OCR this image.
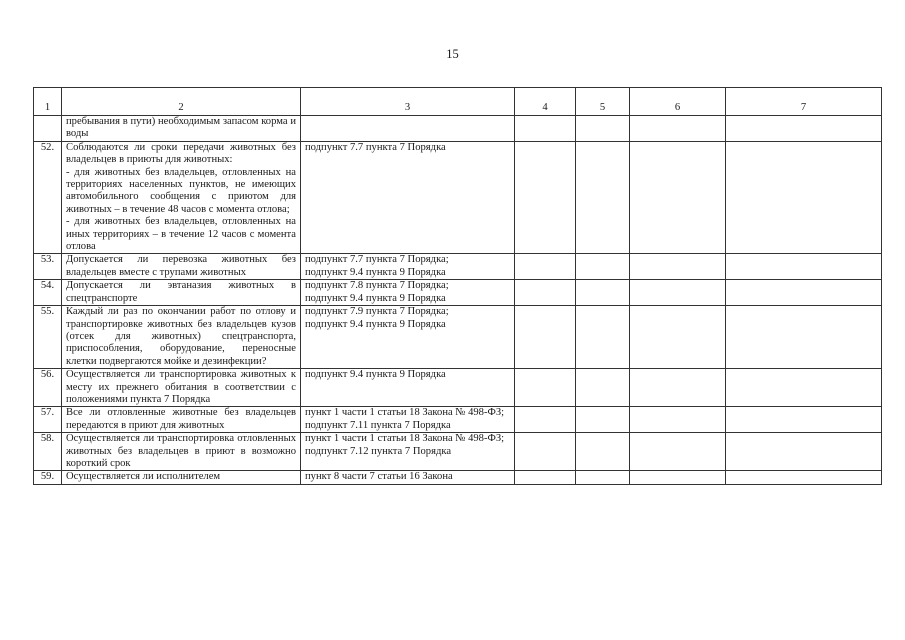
15
1	2	3	4	5	6	7

	пребывания в пути) необходимым запасом корма и воды					

52.	Соблюдаются ли сроки передачи животных без владельцев в приюты для животных:
- для животных без владельцев, отловленных на территориях населенных пунктов, не имеющих автомобильного сообщения с приютом для животных – в течение 48 часов с момента отлова;
- для животных без владельцев, отловленных на иных территориях – в течение 12 часов с момента отлова	подпункт 7.7 пункта 7 Порядка				

53.	Допускается ли перевозка животных без владельцев вместе с трупами животных	подпункт 7.7 пункта 7 Порядка;
подпункт 9.4 пункта 9 Порядка				

54.	Допускается ли эвтаназия животных в спецтранспорте	подпункт 7.8 пункта 7 Порядка;
подпункт 9.4 пункта 9 Порядка				

55.	Каждый ли раз по окончании работ по отлову и транспортировке животных без владельцев кузов (отсек для животных) спецтранспорта, приспособления, оборудование, переносные клетки подвергаются мойке и дезинфекции?	подпункт 7.9 пункта 7 Порядка;
подпункт 9.4 пункта 9 Порядка				

56.	Осуществляется ли транспортировка животных к месту их прежнего обитания в соответствии с положениями пункта 7 Порядка	подпункт 9.4 пункта 9 Порядка				

57.	Все ли отловленные животные без владельцев передаются в приют для животных	пункт 1 части 1 статьи 18 Закона № 498-ФЗ;
подпункт 7.11 пункта 7 Порядка				

58.	Осуществляется ли транспортировка отловленных животных без владельцев в приют в возможно короткий срок	пункт 1 части 1 статьи 18 Закона № 498-ФЗ;
подпункт 7.12 пункта 7 Порядка				

59.	Осуществляется ли исполнителем	пункт 8 части 7 статьи 16 Закона				
